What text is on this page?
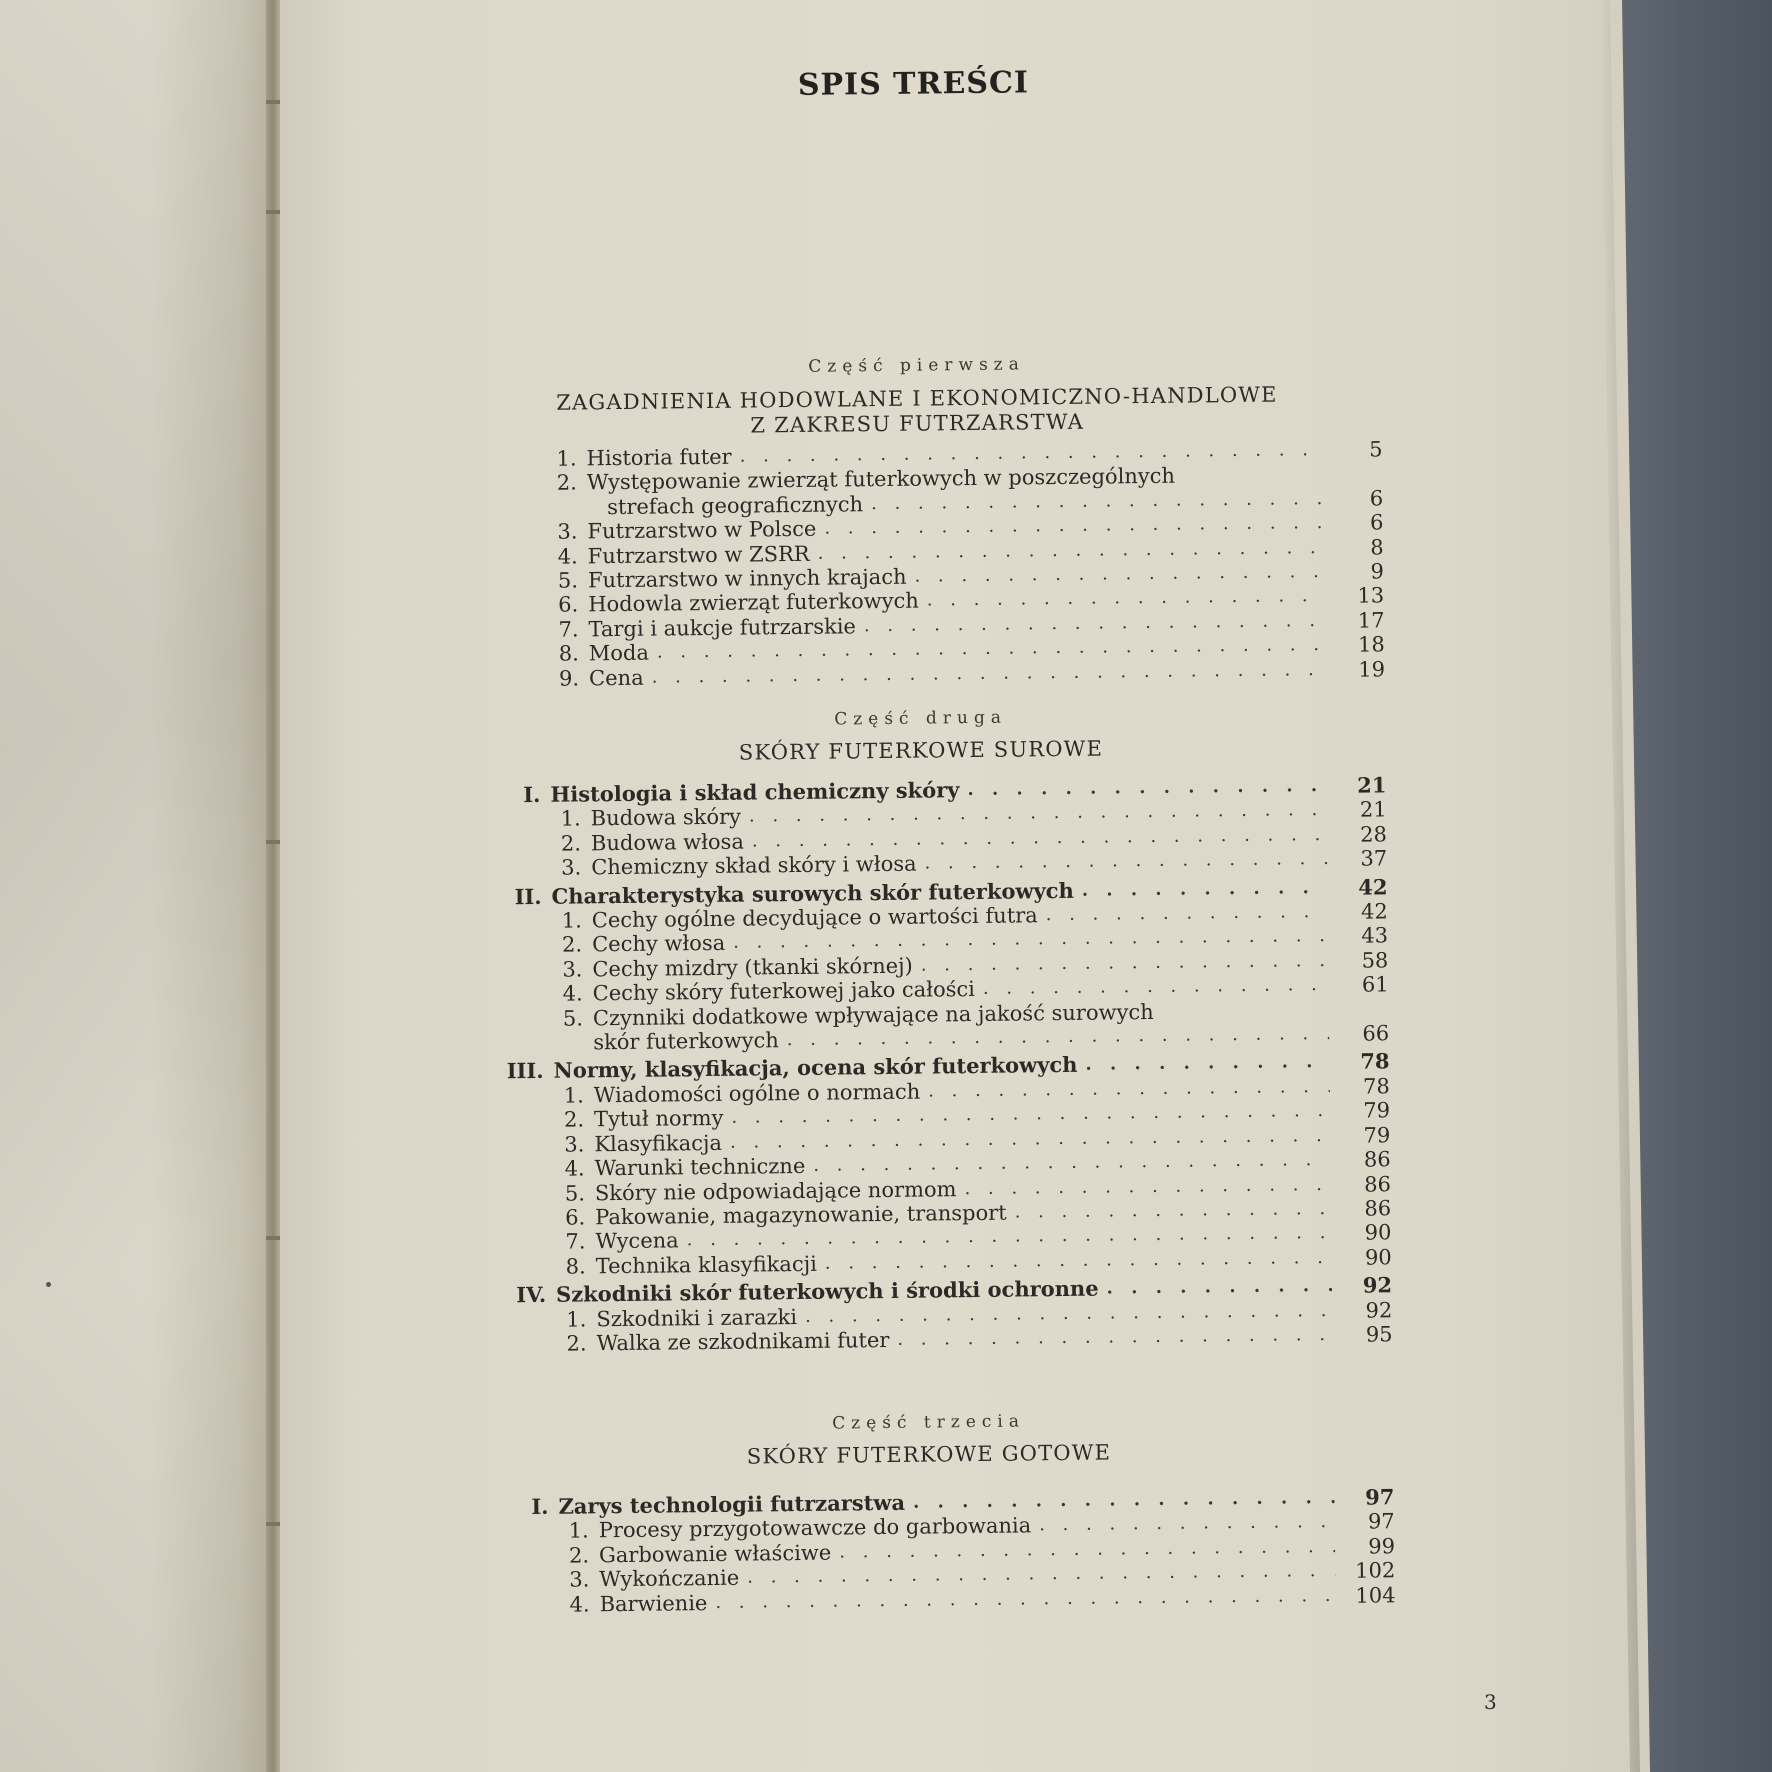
SPIS TREŚCI
Część pierwsza
ZAGADNIENIA HODOWLANE I EKONOMICZNO-HANDLOWE
Z ZAKRESU FUTRZARSTWA
1. Historia futer . . .	5
2. Występowanie zwierząt futerkowych w poszczególnych
strefach geograficznych . . .	6
3. Futrzarstwo w Polsce . . .	6
4. Futrzarstwo w ZSRR . . .	8
5. Futrzarstwo w innych krajach . . .	9
6. Hodowla zwierząt futerkowych . . .	13
7. Targi i aukcje futrzarskie . . .	17
8. Moda . . .	18
9. Cena . . .	19
Część druga
SKÓRY FUTERKOWE SUROWE
I. Histologia i skład chemiczny skóry . . .	21
1. Budowa skóry . . .	21
2. Budowa włosa . . .	28
3. Chemiczny skład skóry i włosa . . .	37
II. Charakterystyka surowych skór futerkowych . . .	42
1. Cechy ogólne decydujące o wartości futra . . .	42
2. Cechy włosa . . .	43
3. Cechy mizdry (tkanki skórnej) . . .	58
4. Cechy skóry futerkowej jako całości . . .	61
5. Czynniki dodatkowe wpływające na jakość surowych
skór futerkowych . . .	66
III. Normy, klasyfikacja, ocena skór futerkowych . . .	78
1. Wiadomości ogólne o normach . . .	78
2. Tytuł normy . . .	79
3. Klasyfikacja . . .	79
4. Warunki techniczne . . .	86
5. Skóry nie odpowiadające normom . . .	86
6. Pakowanie, magazynowanie, transport . . .	86
7. Wycena . . .	90
8. Technika klasyfikacji . . .	90
IV. Szkodniki skór futerkowych i środki ochronne . . .	92
1. Szkodniki i zarazki . . .	92
2. Walka ze szkodnikami futer . . .	95
Część trzecia
SKÓRY FUTERKOWE GOTOWE
I. Zarys technologii futrzarstwa . . .	97
1. Procesy przygotowawcze do garbowania . . .	97
2. Garbowanie właściwe . . .	99
3. Wykończanie . . .	102
4. Barwienie . . .	104
3
